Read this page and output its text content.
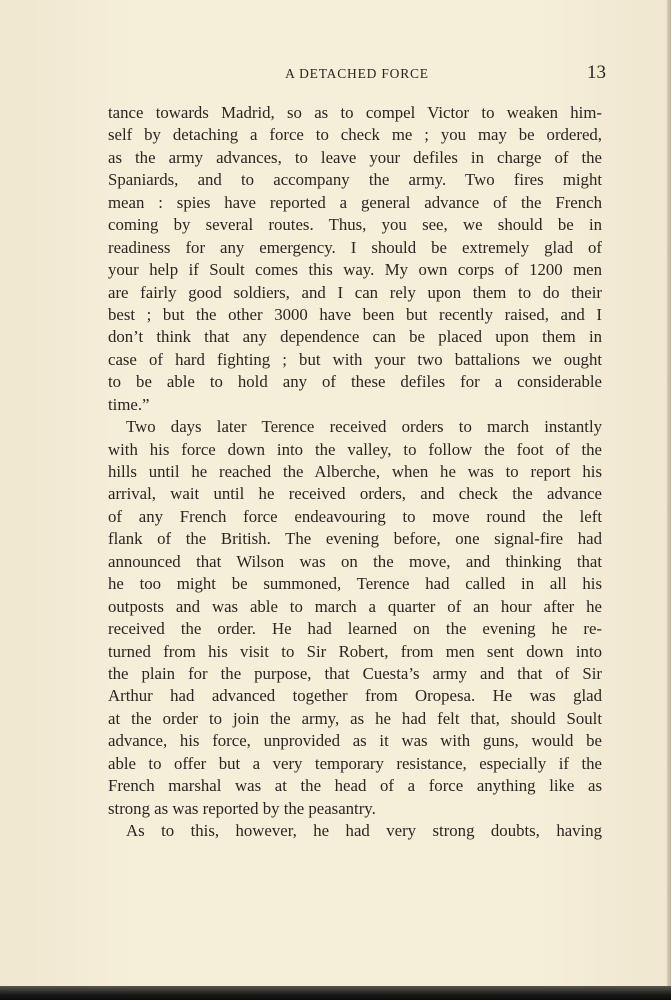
A DETACHED FORCE	13
tance towards Madrid, so as to compel Victor to weaken him-
self by detaching a force to check me ; you may be ordered,
as the army advances, to leave your defiles in charge of the
Spaniards, and to accompany the army. Two fires might
mean : spies have reported a general advance of the French
coming by several routes. Thus, you see, we should be in
readiness for any emergency. I should be extremely glad of
your help if Soult comes this way. My own corps of 1200 men
are fairly good soldiers, and I can rely upon them to do their
best ; but the other 3000 have been but recently raised, and I
don’t think that any dependence can be placed upon them in
case of hard fighting ; but with your two battalions we ought
to be able to hold any of these defiles for a considerable
time.”
Two days later Terence received orders to march instantly
with his force down into the valley, to follow the foot of the
hills until he reached the Alberche, when he was to report his
arrival, wait until he received orders, and check the advance
of any French force endeavouring to move round the left
flank of the British. The evening before, one signal-fire had
announced that Wilson was on the move, and thinking that
he too might be summoned, Terence had called in all his
outposts and was able to march a quarter of an hour after he
received the order. He had learned on the evening he re-
turned from his visit to Sir Robert, from men sent down into
the plain for the purpose, that Cuesta’s army and that of Sir
Arthur had advanced together from Oropesa. He was glad
at the order to join the army, as he had felt that, should Soult
advance, his force, unprovided as it was with guns, would be
able to offer but a very temporary resistance, especially if the
French marshal was at the head of a force anything like as
strong as was reported by the peasantry.
As to this, however, he had very strong doubts, having
